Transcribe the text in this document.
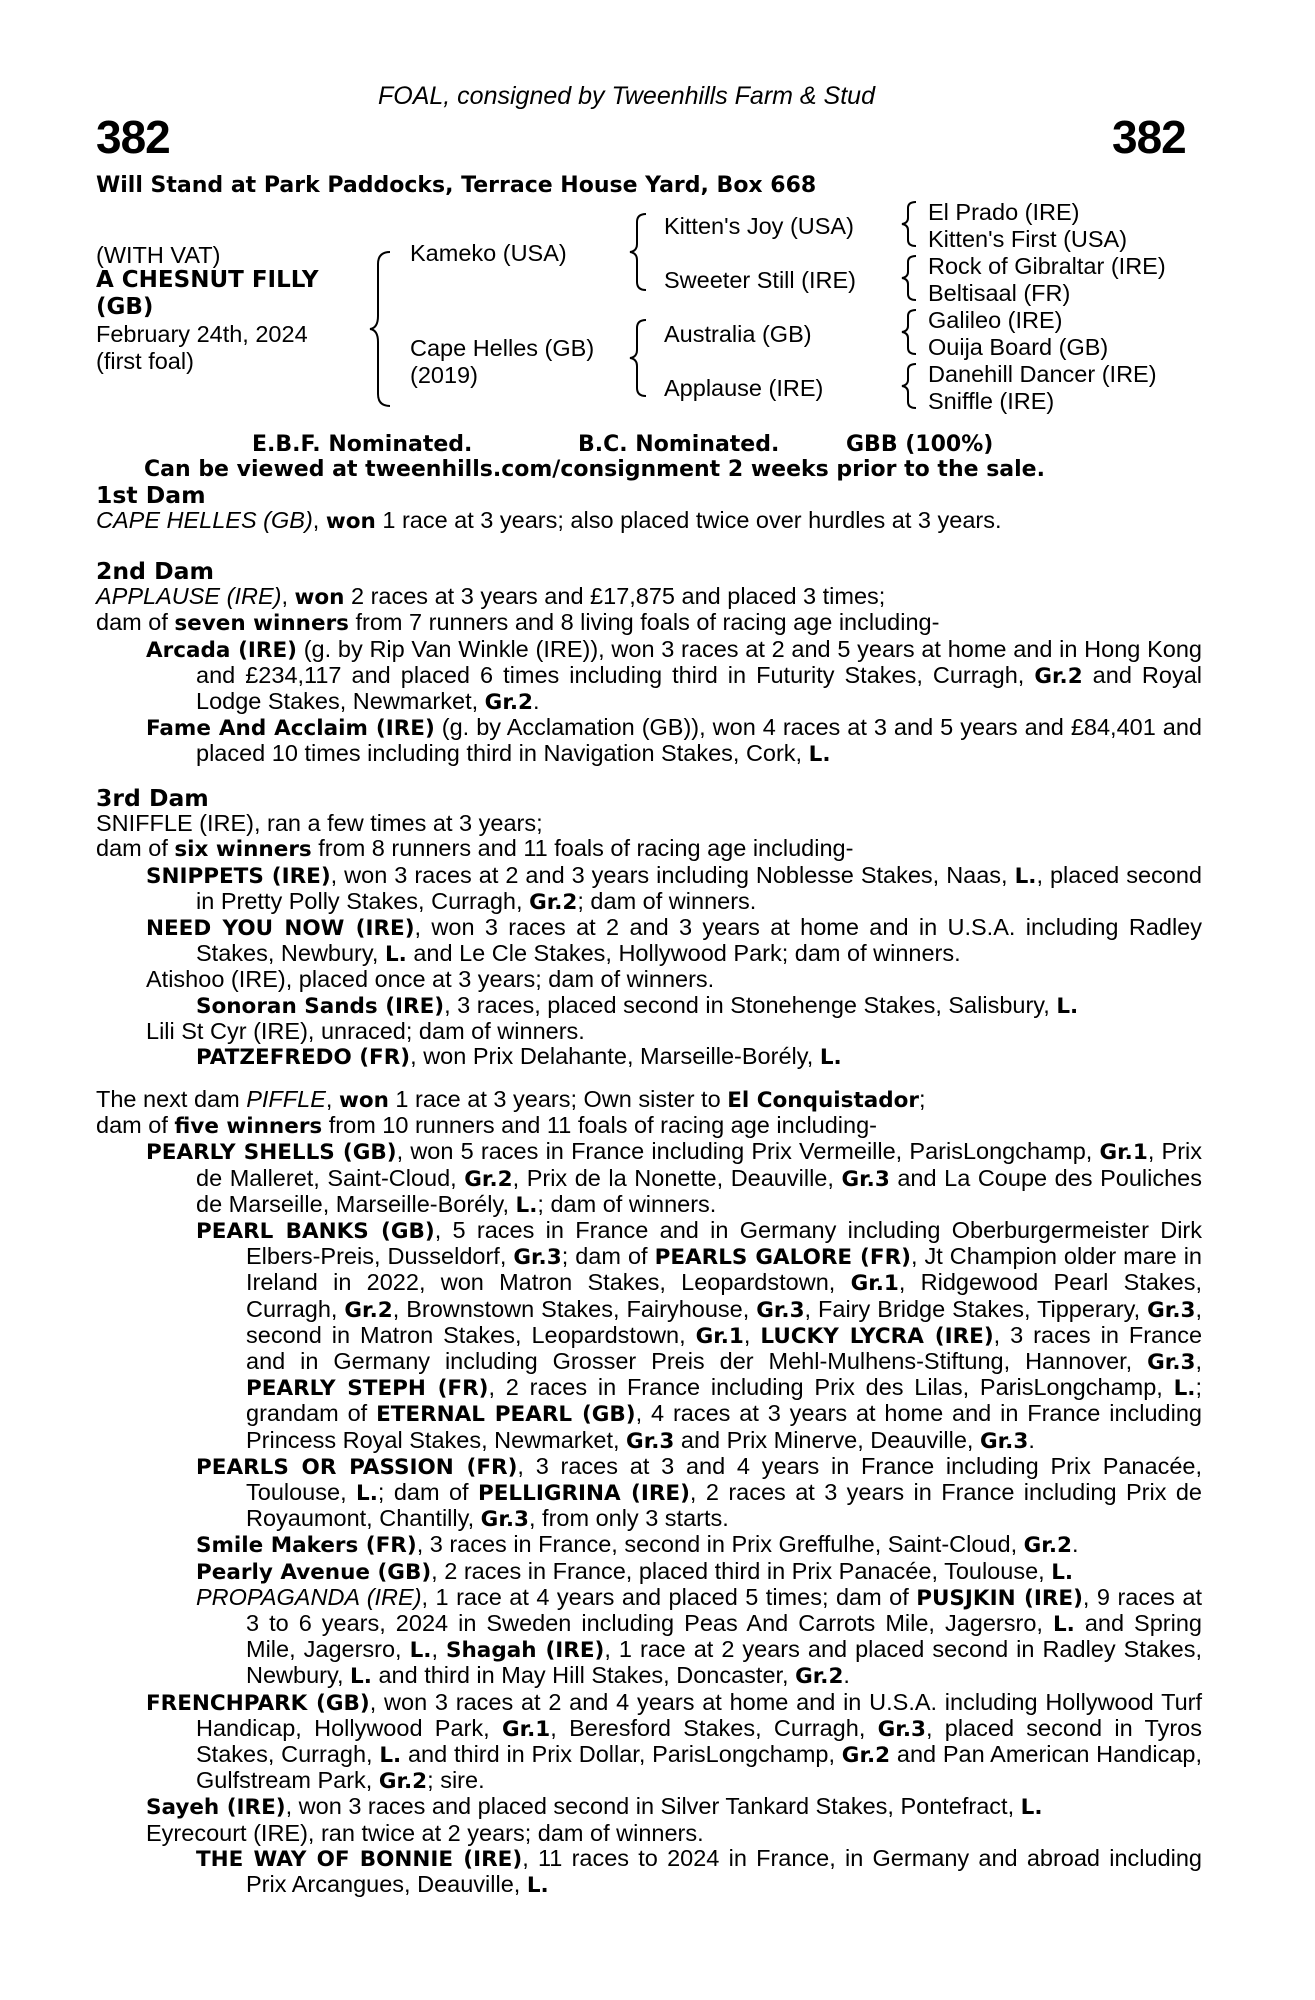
FOAL, consigned by Tweenhills Farm & Stud
382	382
Will Stand at Park Paddocks, Terrace House Yard, Box 668
(WITH VAT)
A CHESNUT FILLY
(GB)
February 24th, 2024
(first foal)
Kameko (USA)
Cape Helles (GB)
(2019)
Kitten's Joy (USA)
Sweeter Still (IRE)
Australia (GB)
Applause (IRE)
El Prado (IRE)
Kitten's First (USA)
Rock of Gibraltar (IRE)
Beltisaal (FR)
Galileo (IRE)
Ouija Board (GB)
Danehill Dancer (IRE)
Sniffle (IRE)
E.B.F. Nominated.	B.C. Nominated.	GBB (100%)
Can be viewed at tweenhills.com/consignment 2 weeks prior to the sale.

1st Dam

CAPE HELLES (GB), won 1 race at 3 years; also placed twice over hurdles at 3 years.

2nd Dam

APPLAUSE (IRE), won 2 races at 3 years and £17,875 and placed 3 times;

dam of seven winners from 7 runners and 8 living foals of racing age including-

Arcada (IRE) (g. by Rip Van Winkle (IRE)), won 3 races at 2 and 5 years at home and in Hong Kong and £234,117 and placed 6 times including third in Futurity Stakes, Curragh, Gr.2 and Royal Lodge Stakes, Newmarket, Gr.2.

Fame And Acclaim (IRE) (g. by Acclamation (GB)), won 4 races at 3 and 5 years and £84,401 and placed 10 times including third in Navigation Stakes, Cork, L.

3rd Dam

SNIFFLE (IRE), ran a few times at 3 years;

dam of six winners from 8 runners and 11 foals of racing age including-

SNIPPETS (IRE), won 3 races at 2 and 3 years including Noblesse Stakes, Naas, L., placed second in Pretty Polly Stakes, Curragh, Gr.2; dam of winners.

NEED YOU NOW (IRE), won 3 races at 2 and 3 years at home and in U.S.A. including Radley Stakes, Newbury, L. and Le Cle Stakes, Hollywood Park; dam of winners.

Atishoo (IRE), placed once at 3 years; dam of winners.

Sonoran Sands (IRE), 3 races, placed second in Stonehenge Stakes, Salisbury, L.

Lili St Cyr (IRE), unraced; dam of winners.

PATZEFREDO (FR), won Prix Delahante, Marseille-Borély, L.

The next dam PIFFLE, won 1 race at 3 years; Own sister to El Conquistador;

dam of five winners from 10 runners and 11 foals of racing age including-

PEARLY SHELLS (GB), won 5 races in France including Prix Vermeille, ParisLongchamp, Gr.1, Prix de Malleret, Saint-Cloud, Gr.2, Prix de la Nonette, Deauville, Gr.3 and La Coupe des Pouliches de Marseille, Marseille-Borély, L.; dam of winners.

PEARL BANKS (GB), 5 races in France and in Germany including Oberburgermeister Dirk Elbers-Preis, Dusseldorf, Gr.3; dam of PEARLS GALORE (FR), Jt Champion older mare in Ireland in 2022, won Matron Stakes, Leopardstown, Gr.1, Ridgewood Pearl Stakes, Curragh, Gr.2, Brownstown Stakes, Fairyhouse, Gr.3, Fairy Bridge Stakes, Tipperary, Gr.3, second in Matron Stakes, Leopardstown, Gr.1, LUCKY LYCRA (IRE), 3 races in France and in Germany including Grosser Preis der Mehl-Mulhens-Stiftung, Hannover, Gr.3, PEARLY STEPH (FR), 2 races in France including Prix des Lilas, ParisLongchamp, L.; grandam of ETERNAL PEARL (GB), 4 races at 3 years at home and in France including Princess Royal Stakes, Newmarket, Gr.3 and Prix Minerve, Deauville, Gr.3.

PEARLS OR PASSION (FR), 3 races at 3 and 4 years in France including Prix Panacée, Toulouse, L.; dam of PELLIGRINA (IRE), 2 races at 3 years in France including Prix de Royaumont, Chantilly, Gr.3, from only 3 starts.

Smile Makers (FR), 3 races in France, second in Prix Greffulhe, Saint-Cloud, Gr.2.

Pearly Avenue (GB), 2 races in France, placed third in Prix Panacée, Toulouse, L.

PROPAGANDA (IRE), 1 race at 4 years and placed 5 times; dam of PUSJKIN (IRE), 9 races at 3 to 6 years, 2024 in Sweden including Peas And Carrots Mile, Jagersro, L. and Spring Mile, Jagersro, L., Shagah (IRE), 1 race at 2 years and placed second in Radley Stakes, Newbury, L. and third in May Hill Stakes, Doncaster, Gr.2.

FRENCHPARK (GB), won 3 races at 2 and 4 years at home and in U.S.A. including Hollywood Turf Handicap, Hollywood Park, Gr.1, Beresford Stakes, Curragh, Gr.3, placed second in Tyros Stakes, Curragh, L. and third in Prix Dollar, ParisLongchamp, Gr.2 and Pan American Handicap, Gulfstream Park, Gr.2; sire.

Sayeh (IRE), won 3 races and placed second in Silver Tankard Stakes, Pontefract, L.

Eyrecourt (IRE), ran twice at 2 years; dam of winners.

THE WAY OF BONNIE (IRE), 11 races to 2024 in France, in Germany and abroad including Prix Arcangues, Deauville, L.
